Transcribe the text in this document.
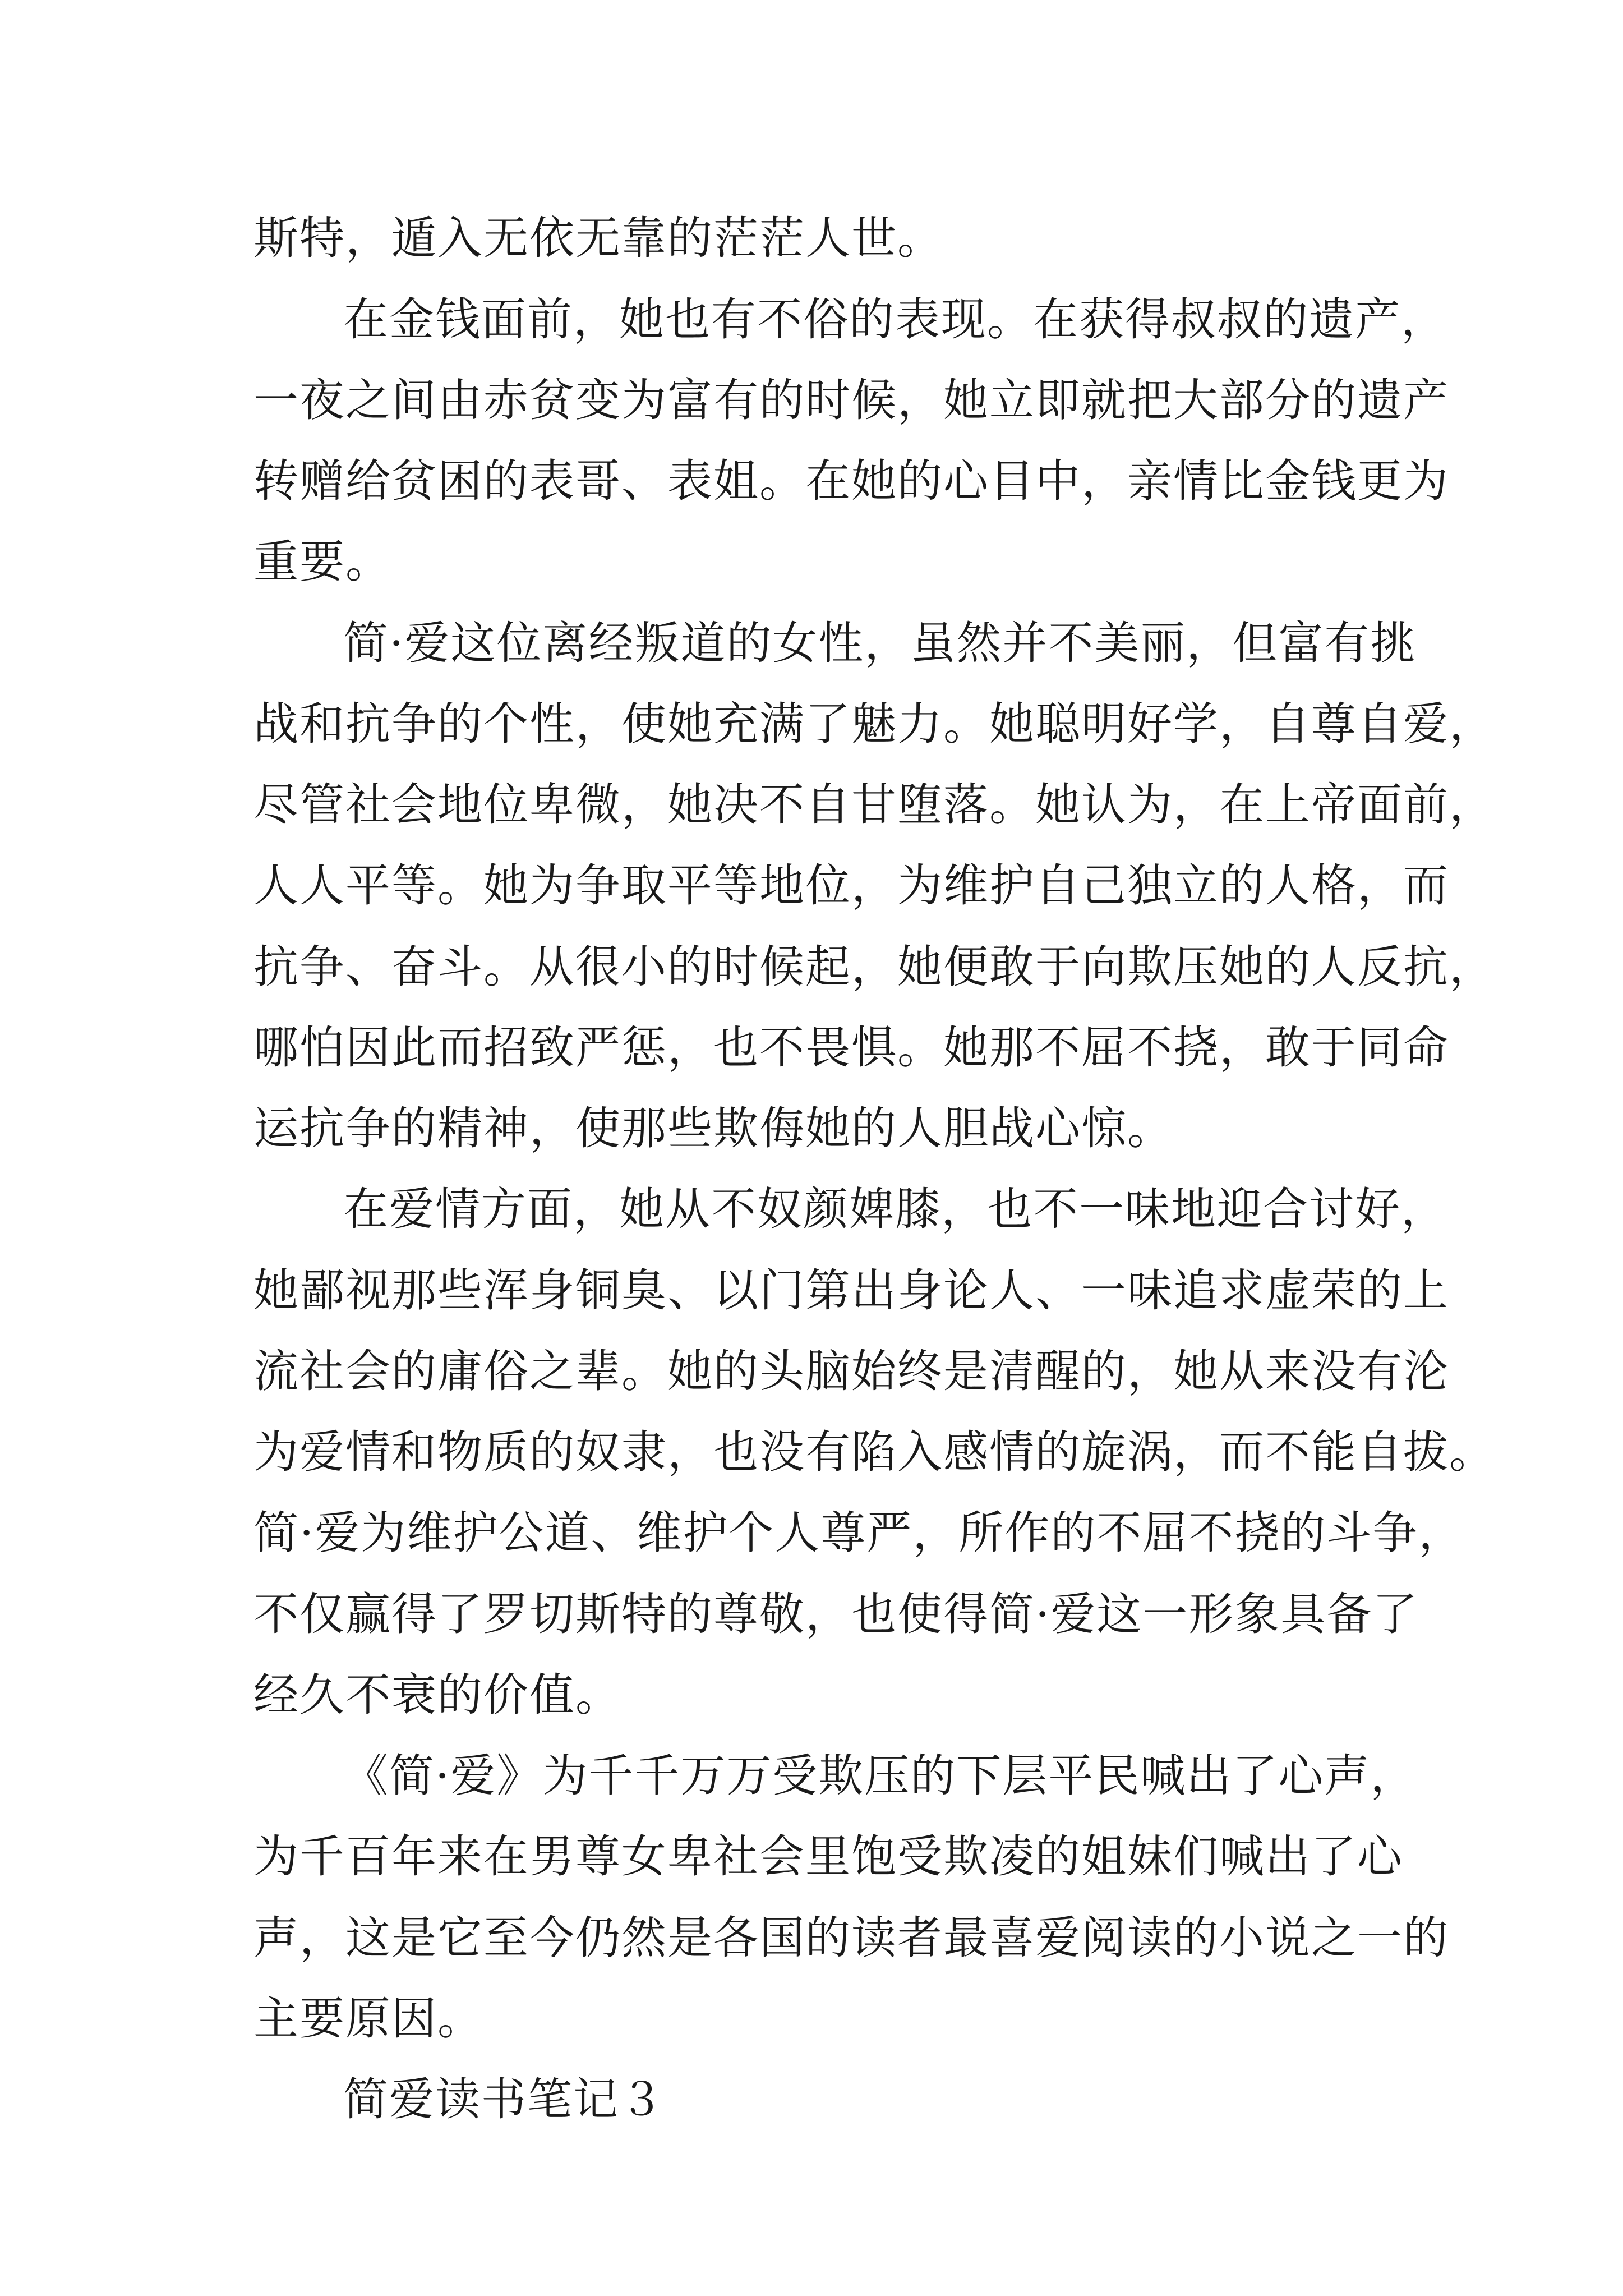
斯特，遁入无依无靠的茫茫人世。
在金钱面前，她也有不俗的表现。在获得叔叔的遗产，
一夜之间由赤贫变为富有的时候，她立即就把大部分的遗产
转赠给贫困的表哥、表姐。在她的心目中，亲情比金钱更为
重要。
简·爱这位离经叛道的女性，虽然并不美丽，但富有挑
战和抗争的个性，使她充满了魅力。她聪明好学，自尊自爱，
尽管社会地位卑微，她决不自甘堕落。她认为，在上帝面前，
人人平等。她为争取平等地位，为维护自己独立的人格，而
抗争、奋斗。从很小的时候起，她便敢于向欺压她的人反抗，
哪怕因此而招致严惩，也不畏惧。她那不屈不挠，敢于同命
运抗争的精神，使那些欺侮她的人胆战心惊。
在爱情方面，她从不奴颜婢膝，也不一味地迎合讨好，
她鄙视那些浑身铜臭、以门第出身论人、一味追求虚荣的上
流社会的庸俗之辈。她的头脑始终是清醒的，她从来没有沦
为爱情和物质的奴隶，也没有陷入感情的旋涡，而不能自拔。
简·爱为维护公道、维护个人尊严，所作的不屈不挠的斗争，
不仅赢得了罗切斯特的尊敬，也使得简·爱这一形象具备了
经久不衰的价值。
《简·爱》为千千万万受欺压的下层平民喊出了心声，
为千百年来在男尊女卑社会里饱受欺凌的姐妹们喊出了心
声，这是它至今仍然是各国的读者最喜爱阅读的小说之一的
主要原因。
简爱读书笔记３
